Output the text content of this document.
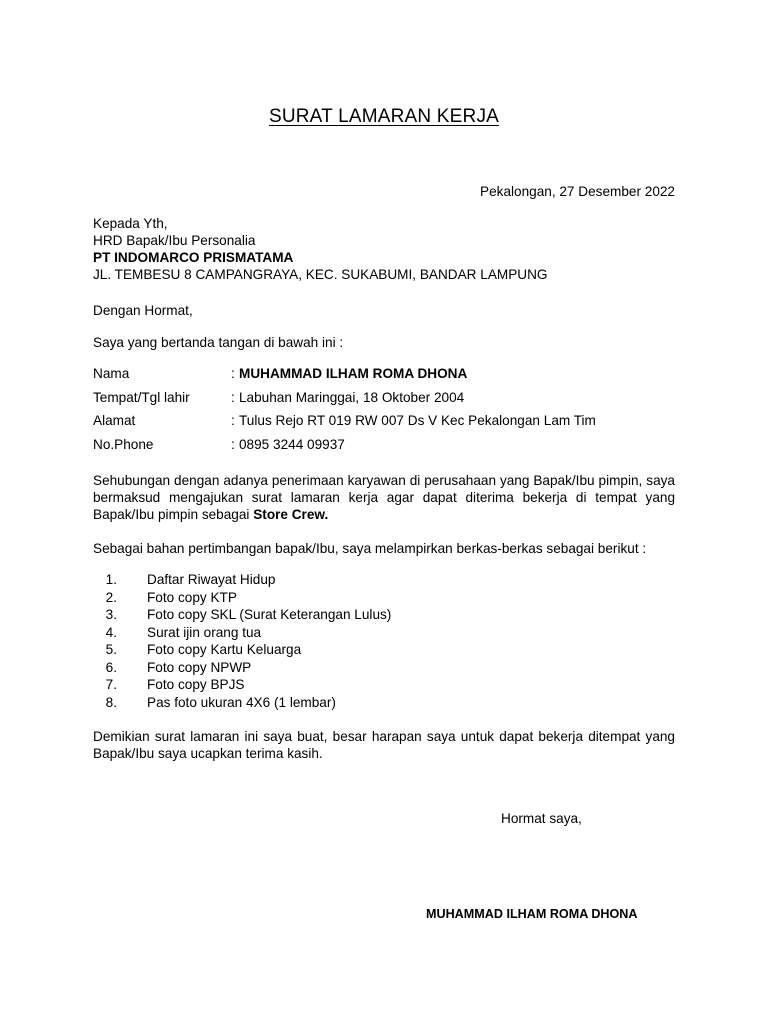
SURAT LAMARAN KERJA
Pekalongan, 27 Desember 2022
Kepada Yth,
HRD Bapak/Ibu Personalia
PT INDOMARCO PRISMATAMA
JL. TEMBESU 8 CAMPANGRAYA, KEC. SUKABUMI, BANDAR LAMPUNG
Dengan Hormat,
Saya yang bertanda tangan di bawah ini :
Nama	: MUHAMMAD ILHAM ROMA DHONA
Tempat/Tgl lahir	: Labuhan Maringgai, 18 Oktober 2004
Alamat	: Tulus Rejo RT 019 RW 007 Ds V Kec Pekalongan Lam Tim
No.Phone	: 0895 3244 09937
Sehubungan dengan adanya penerimaan karyawan di perusahaan yang Bapak/Ibu pimpin, saya bermaksud mengajukan surat lamaran kerja agar dapat diterima bekerja di tempat yang Bapak/Ibu pimpin sebagai Store Crew.
Sebagai bahan pertimbangan bapak/Ibu, saya melampirkan berkas-berkas sebagai berikut :
1.	Daftar Riwayat Hidup
2.	Foto copy KTP
3.	Foto copy SKL (Surat Keterangan Lulus)
4.	Surat ijin orang tua
5.	Foto copy Kartu Keluarga
6.	Foto copy NPWP
7.	Foto copy BPJS
8.	Pas foto ukuran 4X6 (1 lembar)
Demikian surat lamaran ini saya buat, besar harapan saya untuk dapat bekerja ditempat yang Bapak/Ibu saya ucapkan terima kasih.
Hormat saya,
MUHAMMAD ILHAM ROMA DHONA
